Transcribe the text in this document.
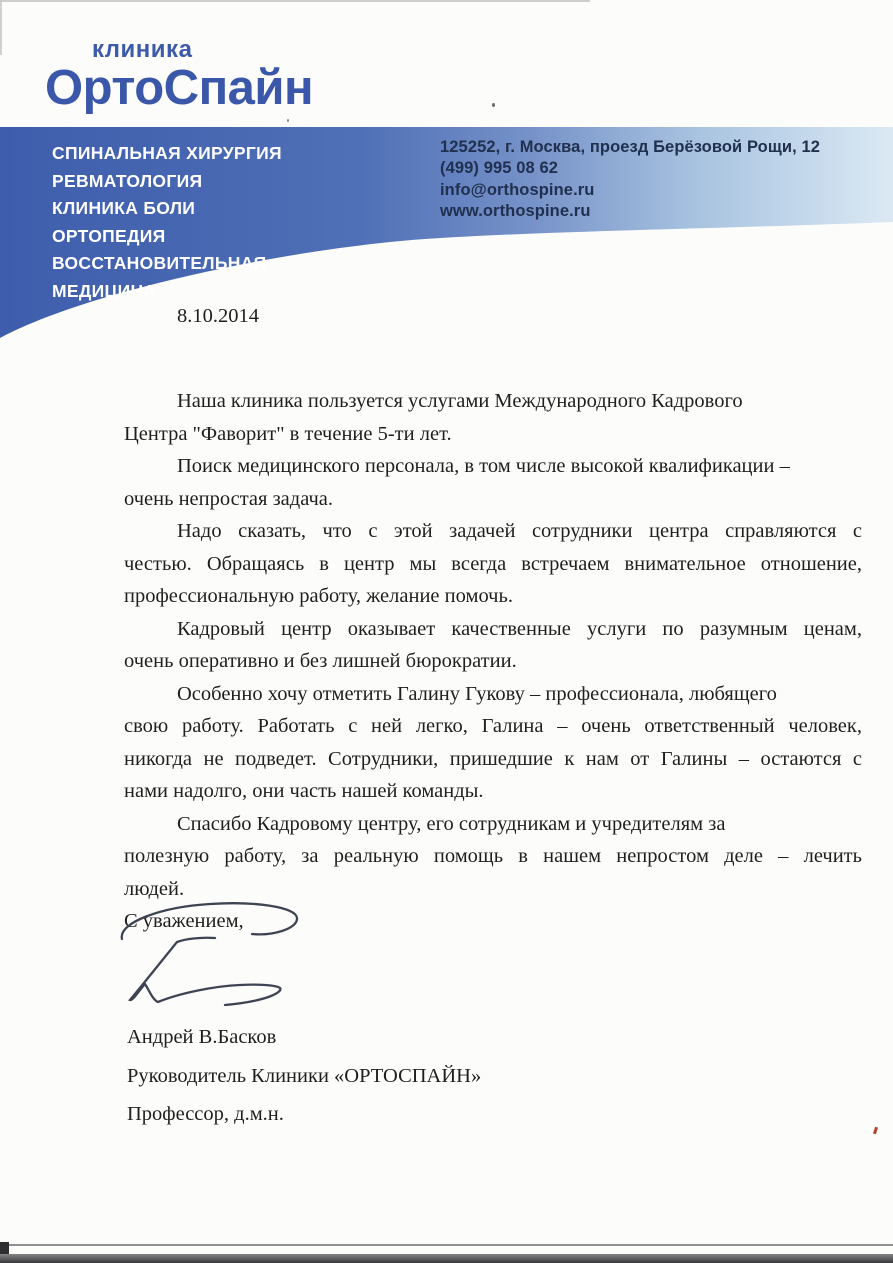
клиника
ОртоСпайн
СПИНАЛЬНАЯ ХИРУРГИЯ
РЕВМАТОЛОГИЯ
КЛИНИКА БОЛИ
ОРТОПЕДИЯ
ВОССТАНОВИТЕЛЬНАЯ
МЕДИЦИНА
125252, г. Москва, проезд Берёзовой Рощи, 12
(499) 995 08 62
info@orthospine.ru
www.orthospine.ru
8.10.2014
Наша клиника пользуется услугами Международного Кадрового
Центра "Фаворит" в течение 5-ти лет.
Поиск медицинского персонала, в том числе высокой квалификации –
очень непростая задача.
Надо сказать, что с этой задачей сотрудники центра справляются с
честью. Обращаясь в центр мы всегда встречаем внимательное отношение,
профессиональную работу, желание помочь.
Кадровый центр оказывает качественные услуги по разумным ценам,
очень оперативно и без лишней бюрократии.
Особенно хочу отметить Галину Гукову – профессионала, любящего
свою работу. Работать с ней легко, Галина – очень ответственный человек,
никогда не подведет. Сотрудники, пришедшие к нам от Галины – остаются с
нами надолго, они часть нашей команды.
Спасибо Кадровому центру, его сотрудникам и учредителям за
полезную работу, за реальную помощь в нашем непростом деле – лечить
людей.
С уважением,
Андрей В.Басков
Руководитель Клиники «ОРТОСПАЙН»
Профессор, д.м.н.
